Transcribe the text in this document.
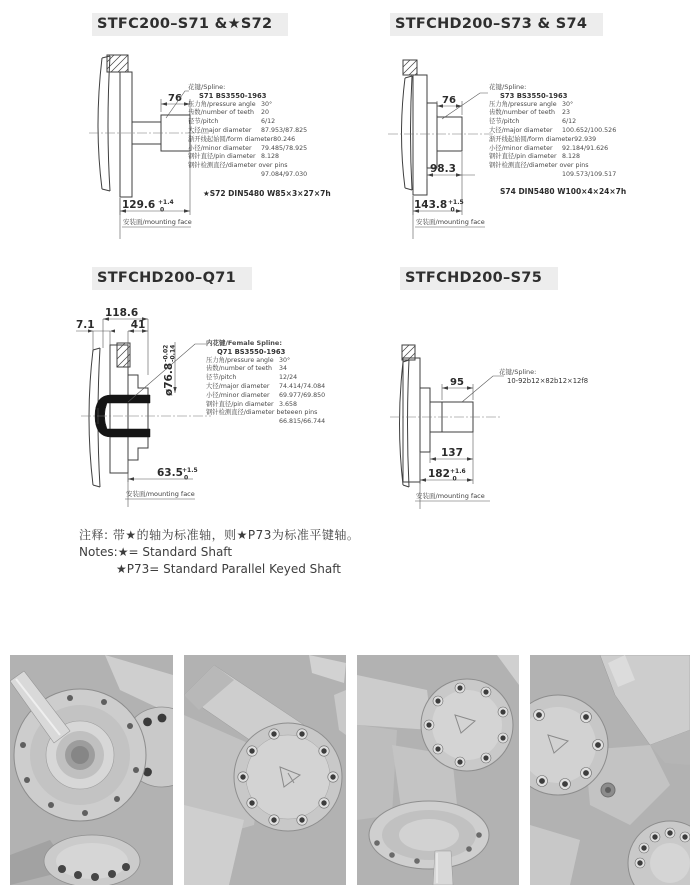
STFC200–S71 &★S72	STFCHD200–S73 & S74
STFCHD200–Q71	STFCHD200–S75
76
129.6 +1.4
0
安装面/mounting face
76
98.3
143.8 +1.5
0
安装面/mounting face
118.6
7.1	41
ø76.8
-0.02 -0.14
63.5 +1.5
0
安装面/mounting face
95
137
182 +1.6
0
安装面/mounting face
花键/Spline:
S71 BS3550-1963
压力角/pressure angle 30°
齿数/number of teeth	20
径节/pitch	6/12
大径/major diameter	87.953/87.825
渐开线起始圆/form diameter 80.246
小径/minor diameter	79.485/78.925
钢针直径/pin diameter 8.128
钢针检测直径/diameter over pins
97.084/97.030
★S72 DIN5480 W85×3×27×7h
花键/Spline:
S73 BS3550-1963
压力角/pressure angle 30°
齿数/number of teeth	23
径节/pitch	6/12
大径/major diameter	100.652/100.526
渐开线起始圆/form diameter 92.939
小径/minor diameter	92.184/91.626
钢针直径/pin diameter 8.128
钢针检测直径/diameter over pins
109.573/109.517
S74 DIN5480 W100×4×24×7h
内花键/Female Spline:
Q71 BS3550-1963
压力角/pressure angle 30°
齿数/number of teeth	34
径节/pitch	12/24
大径/major diameter	74.414/74.084
小径/minor diameter	69.977/69.850
钢针直径/pin diameter 3.658
钢针检测直径/diameter beteeen pins
66.815/66.744
花键/Spline:
10-92b12×82b12×12f8
注释: 带★的轴为标准轴，则★P73为标准平键轴。
Notes:★= Standard Shaft
★P73= Standard Parallel Keyed Shaft
